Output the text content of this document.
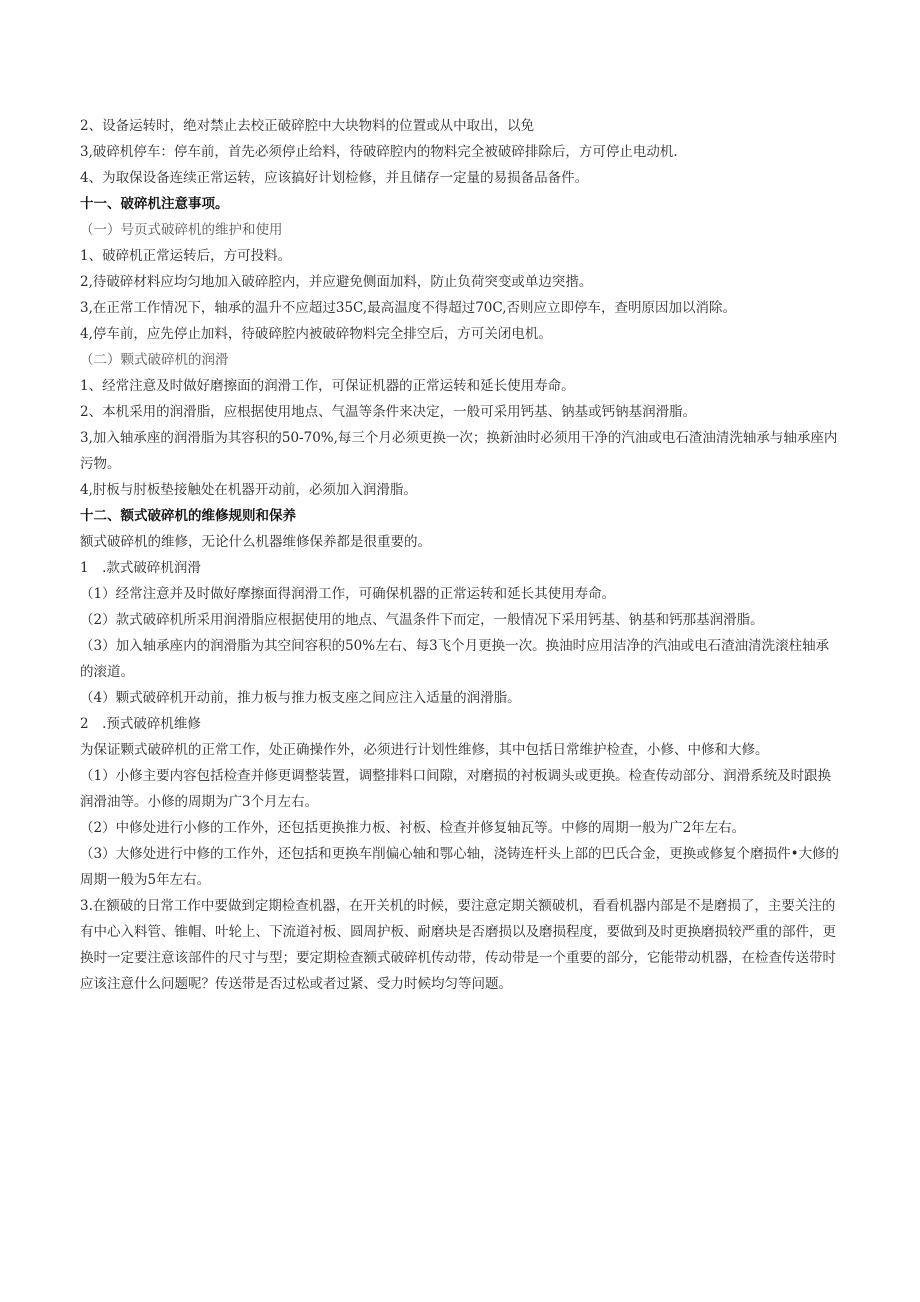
2、设备运转时，绝对禁止去校正破碎腔中大块物料的位置或从中取出，以免

3,破碎机停车：停车前，首先必须停止给料，待破碎腔内的物料完全被破碎排除后，方可停止电动机.

4、为取保设备连续正常运转，应该搞好计划检修，并且储存一定量的易损备品备件。

十一、破碎机注意事项。

（一）号页式破碎机的维护和使用

1、破碎机正常运转后，方可投料。

2,待破碎材料应均匀地加入破碎腔内，并应避免侧面加料，防止负荷突变或单边突揩。

3,在正常工作情况下，轴承的温升不应超过35C,最高温度不得超过70C,否则应立即停车，查明原因加以消除。

4,停车前，应先停止加料，待破碎腔内被破碎物料完全排空后，方可关闭电机。

（二）颗式破碎机的润滑

1、经常注意及时做好磨擦面的润滑工作，可保证机器的正常运转和延长使用寿命。

2、本机采用的润滑脂，应根据使用地点、气温等条件来决定，一般可采用钙基、钠基或钙钠基润滑脂。

3,加入轴承座的润滑脂为其容积的50-70%,每三个月必须更换一次；换新油时必须用干净的汽油或电石渣油清洗轴承与轴承座内污物。

4,肘板与肘板垫接触处在机器开动前，必须加入润滑脂。

十二、额式破碎机的维修规则和保养

额式破碎机的维修，无论什么机器维修保养都是很重要的。

1　.款式破碎机润滑

（1）经常注意并及时做好摩擦面得润滑工作，可确保机器的正常运转和延长其使用寿命。

（2）款式破碎机所采用润滑脂应根据使用的地点、气温条件下而定，一般情况下采用钙基、钠基和钙那基润滑脂。

（3）加入轴承座内的润滑脂为其空间容积的50%左右、每3飞个月更换一次。换油时应用洁净的汽油或电石渣油清洗滚柱轴承的滚道。

（4）颗式破碎机开动前，推力板与推力板支座之间应注入适量的润滑脂。

2　.预式破碎机维修

为保证颗式破碎机的正常工作，处正确操作外，必须进行计划性维修，其中包括日常维护检查，小修、中修和大修。

（1）小修主要内容包括检查并修更调整装置，调整排料口间隙，对磨损的衬板调头或更换。检查传动部分、润滑系统及时跟换润滑油等。小修的周期为广3个月左右。

（2）中修处进行小修的工作外，还包括更换推力板、衬板、检查并修复轴瓦等。中修的周期一般为广2年左右。

（3）大修处进行中修的工作外，还包括和更换车削偏心轴和鄂心轴，浇铸连杆头上部的巴氏合金，更换或修复个磨损件•大修的周期一般为5年左右。

3.在额破的日常工作中要做到定期检查机器，在开关机的时候，要注意定期关额破机，看看机器内部是不是磨损了，主要关注的有中心入料管、锥帽、叶轮上、下流道衬板、圆周护板、耐磨块是否磨损以及磨损程度，要做到及时更换磨损较严重的部件，更换时一定要注意该部件的尺寸与型；要定期检查额式破碎机传动带，传动带是一个重要的部分，它能带动机器，在检查传送带时应该注意什么问题呢？传送带是否过松或者过紧、受力时候均匀等问题。
